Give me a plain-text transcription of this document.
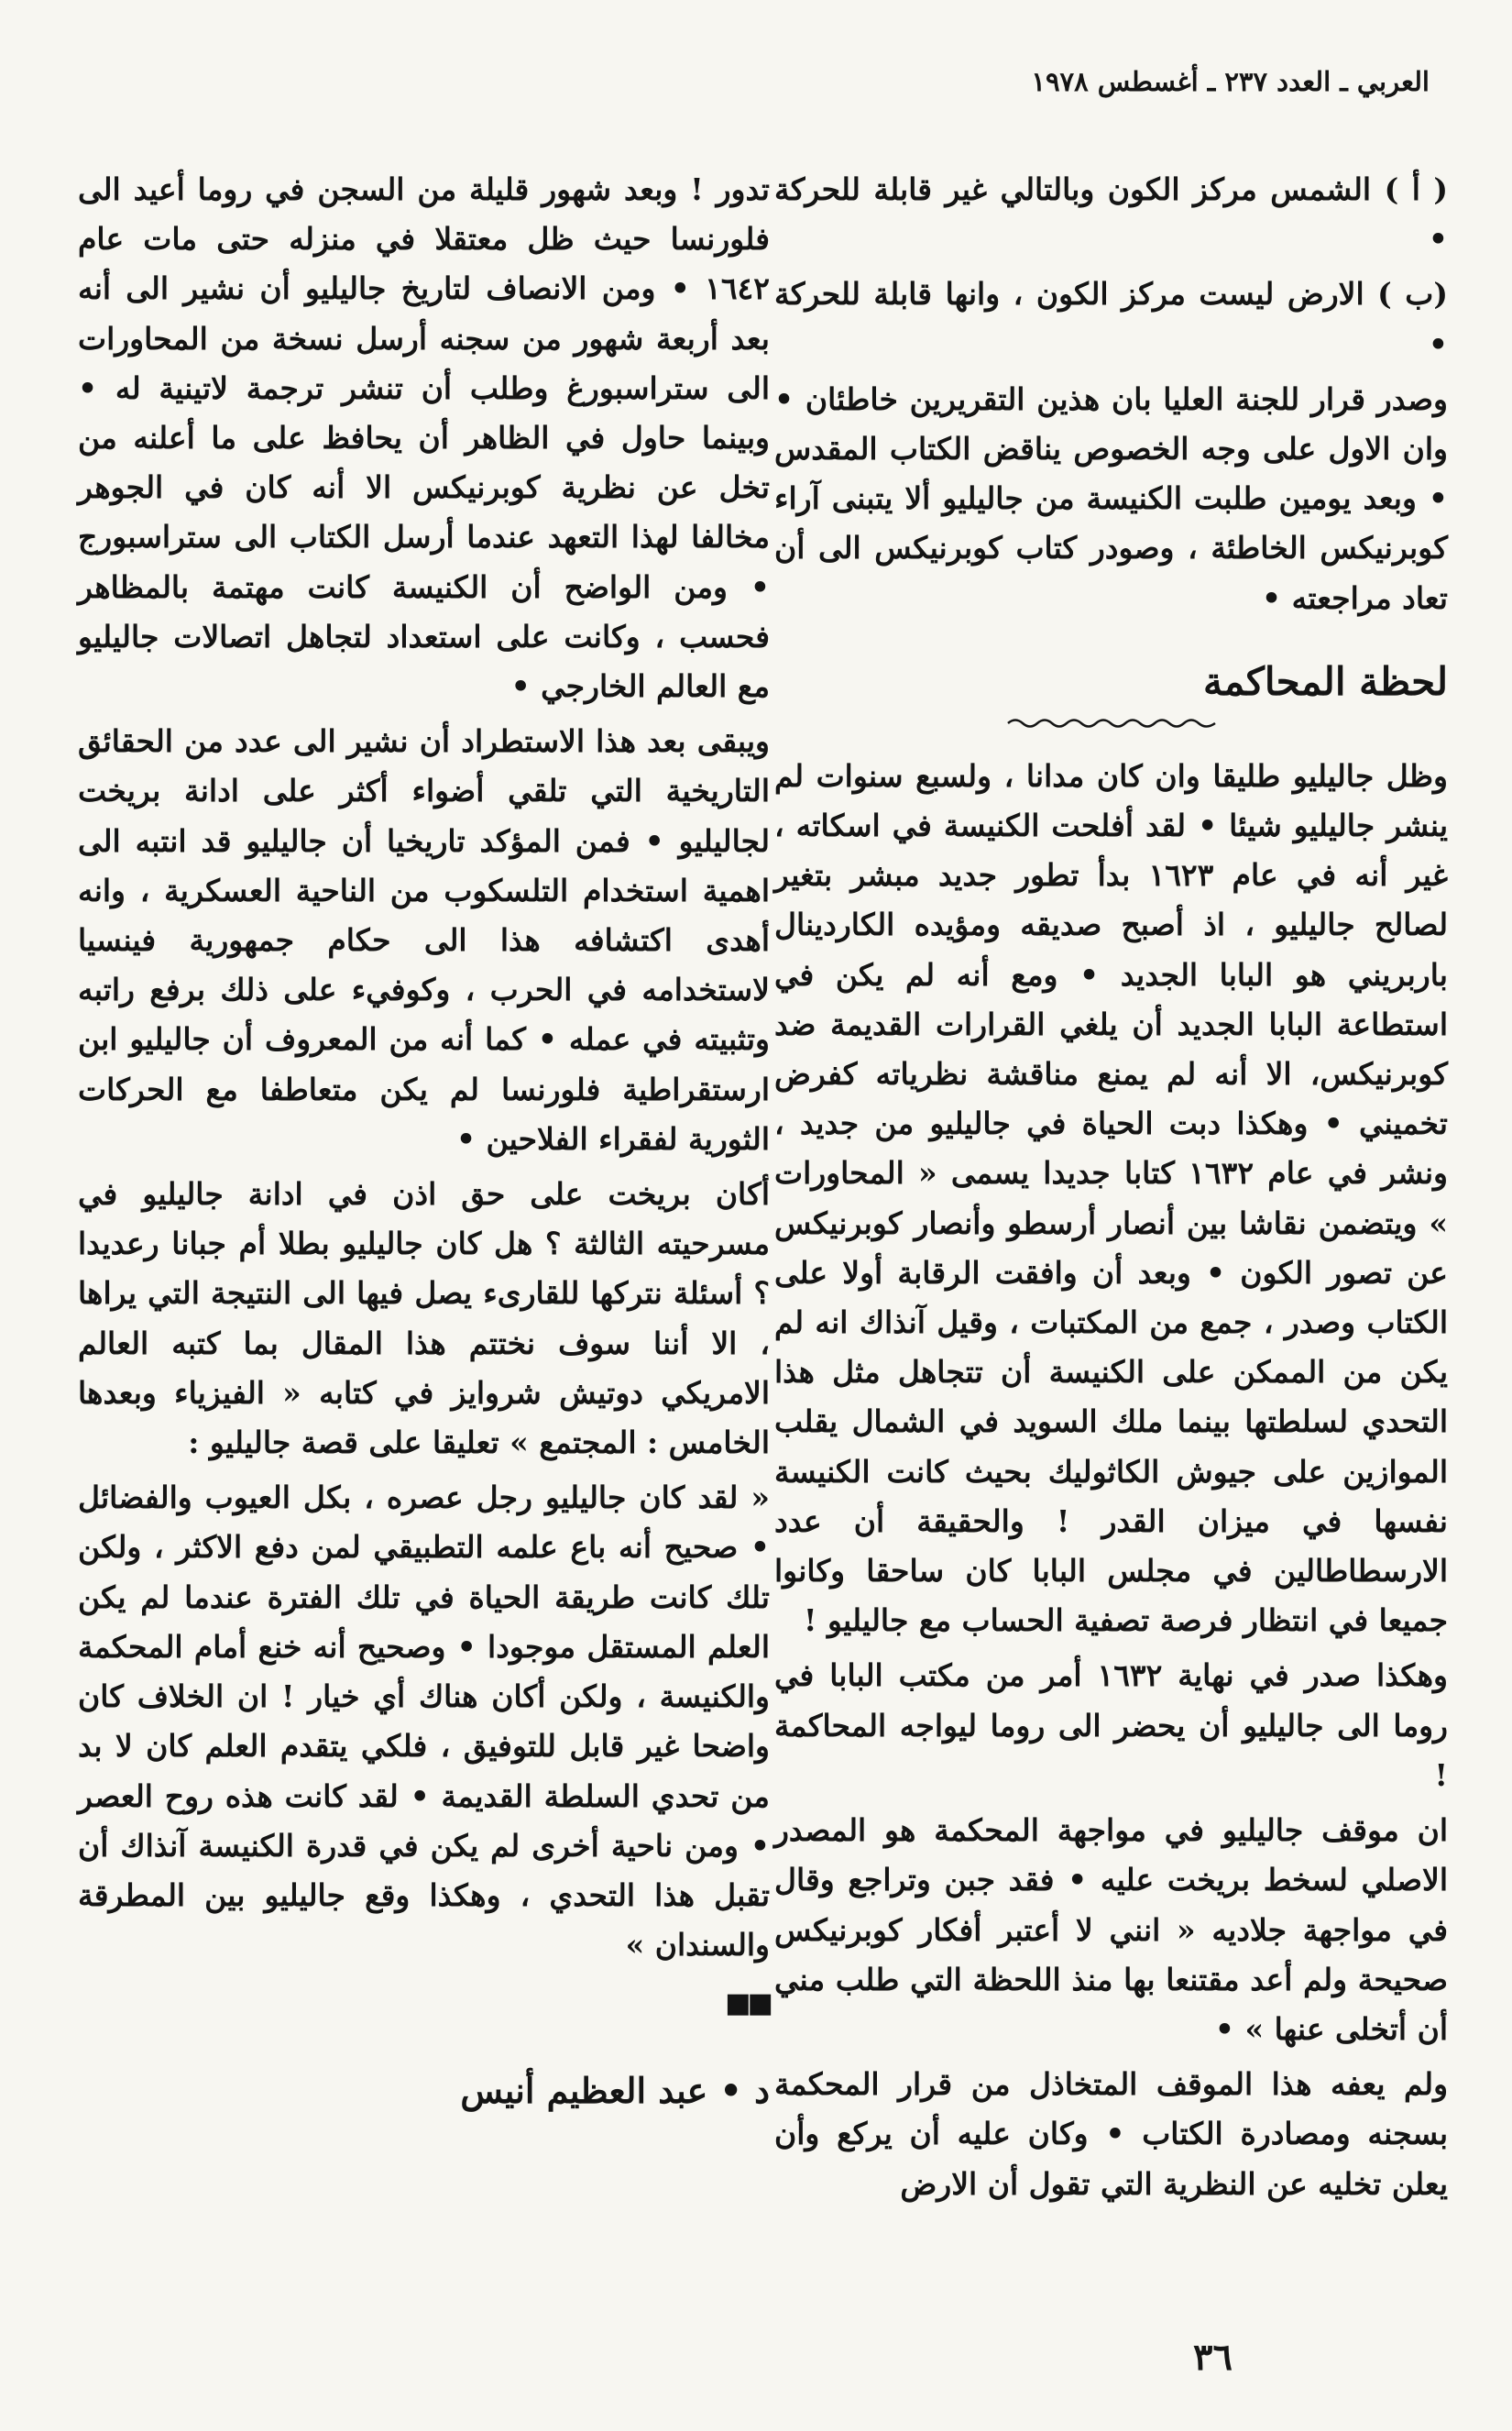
العربي ـ العدد ٢٣٧ ـ أغسطس ١٩٧٨

( أ ) الشمس مركز الكون وبالتالي غير قابلة للحركة •

(ب ) الارض ليست مركز الكون ، وانها قابلة للحركة •

وصدر قرار للجنة العليا بان هذين التقريرين خاطئان • وان الاول على وجه الخصوص يناقض الكتاب المقدس • وبعد يومين طلبت الكنيسة من جاليليو ألا يتبنى آراء كوبرنيكس الخاطئة ، وصودر كتاب كوبرنيكس الى أن تعاد مراجعته •

لحظة المحاكمة

وظل جاليليو طليقا وان كان مدانا ، ولسبع سنوات لم ينشر جاليليو شيئا • لقد أفلحت الكنيسة في اسكاته ، غير أنه في عام ١٦٢٣ بدأ تطور جديد مبشر بتغير لصالح جاليليو ، اذ أصبح صديقه ومؤيده الكاردينال باربريني هو البابا الجديد • ومع أنه لم يكن في استطاعة البابا الجديد أن يلغي القرارات القديمة ضد كوبرنيكس، الا أنه لم يمنع مناقشة نظرياته كفرض تخميني • وهكذا دبت الحياة في جاليليو من جديد ، ونشر في عام ١٦٣٢ كتابا جديدا يسمى « المحاورات » ويتضمن نقاشا بين أنصار أرسطو وأنصار كوبرنيكس عن تصور الكون • وبعد أن وافقت الرقابة أولا على الكتاب وصدر ، جمع من المكتبات ، وقيل آنذاك انه لم يكن من الممكن على الكنيسة أن تتجاهل مثل هذا التحدي لسلطتها بينما ملك السويد في الشمال يقلب الموازين على جيوش الكاثوليك بحيث كانت الكنيسة نفسها في ميزان القدر ! والحقيقة أن عدد الارسطاطالين في مجلس البابا كان ساحقا وكانوا جميعا في انتظار فرصة تصفية الحساب مع جاليليو !

وهكذا صدر في نهاية ١٦٣٢ أمر من مكتب البابا في روما الى جاليليو أن يحضر الى روما ليواجه المحاكمة !

ان موقف جاليليو في مواجهة المحكمة هو المصدر الاصلي لسخط بريخت عليه • فقد جبن وتراجع وقال في مواجهة جلاديه « انني لا أعتبر أفكار كوبرنيكس صحيحة ولم أعد مقتنعا بها منذ اللحظة التي طلب مني أن أتخلى عنها » •

ولم يعفه هذا الموقف المتخاذل من قرار المحكمة بسجنه ومصادرة الكتاب • وكان عليه أن يركع وأن يعلن تخليه عن النظرية التي تقول أن الارض

تدور ! وبعد شهور قليلة من السجن في روما أعيد الى فلورنسا حيث ظل معتقلا في منزله حتى مات عام ١٦٤٢ • ومن الانصاف لتاريخ جاليليو أن نشير الى أنه بعد أربعة شهور من سجنه أرسل نسخة من المحاورات الى ستراسبورغ وطلب أن تنشر ترجمة لاتينية له • وبينما حاول في الظاهر أن يحافظ على ما أعلنه من تخل عن نظرية كوبرنيكس الا أنه كان في الجوهر مخالفا لهذا التعهد عندما أرسل الكتاب الى ستراسبورج • ومن الواضح أن الكنيسة كانت مهتمة بالمظاهر فحسب ، وكانت على استعداد لتجاهل اتصالات جاليليو مع العالم الخارجي •

ويبقى بعد هذا الاستطراد أن نشير الى عدد من الحقائق التاريخية التي تلقي أضواء أكثر على ادانة بريخت لجاليليو • فمن المؤكد تاريخيا أن جاليليو قد انتبه الى اهمية استخدام التلسكوب من الناحية العسكرية ، وانه أهدى اكتشافه هذا الى حكام جمهورية فينسيا لاستخدامه في الحرب ، وكوفيء على ذلك برفع راتبه وتثبيته في عمله • كما أنه من المعروف أن جاليليو ابن ارستقراطية فلورنسا لم يكن متعاطفا مع الحركات الثورية لفقراء الفلاحين •

أكان بريخت على حق اذن في ادانة جاليليو في مسرحيته الثالثة ؟ هل كان جاليليو بطلا أم جبانا رعديدا ؟ أسئلة نتركها للقارىء يصل فيها الى النتيجة التي يراها ، الا أننا سوف نختتم هذا المقال بما كتبه العالم الامريكي دوتيش شروايز في كتابه « الفيزياء وبعدها الخامس : المجتمع » تعليقا على قصة جاليليو :

« لقد كان جاليليو رجل عصره ، بكل العيوب والفضائل • صحيح أنه باع علمه التطبيقي لمن دفع الاكثر ، ولكن تلك كانت طريقة الحياة في تلك الفترة عندما لم يكن العلم المستقل موجودا • وصحيح أنه خنع أمام المحكمة والكنيسة ، ولكن أكان هناك أي خيار ! ان الخلاف كان واضحا غير قابل للتوفيق ، فلكي يتقدم العلم كان لا بد من تحدي السلطة القديمة • لقد كانت هذه روح العصر • ومن ناحية أخرى لم يكن في قدرة الكنيسة آنذاك أن تقبل هذا التحدي ، وهكذا وقع جاليليو بين المطرقة والسندان »

■■
د • عبد العظيم أنيس
٣٦
